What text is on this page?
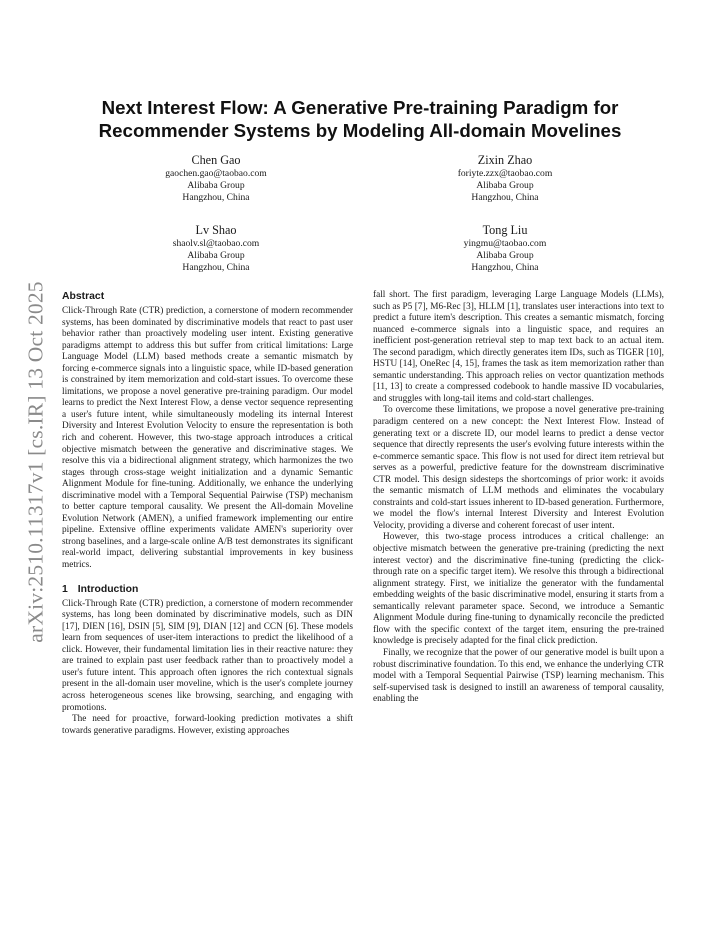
arXiv:2510.11317v1 [cs.IR] 13 Oct 2025
Next Interest Flow: A Generative Pre-training Paradigm for
Recommender Systems by Modeling All-domain Movelines
Chen Gao
gaochen.gao@taobao.com
Alibaba Group
Hangzhou, China
Zixin Zhao
foriyte.zzx@taobao.com
Alibaba Group
Hangzhou, China
Lv Shao
shaolv.sl@taobao.com
Alibaba Group
Hangzhou, China
Tong Liu
yingmu@taobao.com
Alibaba Group
Hangzhou, China
Abstract

Click-Through Rate (CTR) prediction, a cornerstone of modern recommender systems, has been dominated by discriminative models that react to past user behavior rather than proactively modeling user intent. Existing generative paradigms attempt to address this but suffer from critical limitations: Large Language Model (LLM) based methods create a semantic mismatch by forcing e-commerce signals into a linguistic space, while ID-based generation is constrained by item memorization and cold-start issues. To overcome these limitations, we propose a novel generative pre-training paradigm. Our model learns to predict the Next Interest Flow, a dense vector sequence representing a user's future intent, while simultaneously modeling its internal Interest Diversity and Interest Evolution Velocity to ensure the representation is both rich and coherent. However, this two-stage approach introduces a critical objective mismatch between the generative and discriminative stages. We resolve this via a bidirectional alignment strategy, which harmonizes the two stages through cross-stage weight initialization and a dynamic Semantic Alignment Module for fine-tuning. Additionally, we enhance the underlying discriminative model with a Temporal Sequential Pairwise (TSP) mechanism to better capture temporal causality. We present the All-domain Moveline Evolution Network (AMEN), a unified framework implementing our entire pipeline. Extensive offline experiments validate AMEN's superiority over strong baselines, and a large-scale online A/B test demonstrates its significant real-world impact, delivering substantial improvements in key business metrics.

1 Introduction

Click-Through Rate (CTR) prediction, a cornerstone of modern recommender systems, has long been dominated by discriminative models, such as DIN [17], DIEN [16], DSIN [5], SIM [9], DIAN [12] and CCN [6]. These models learn from sequences of user-item interactions to predict the likelihood of a click. However, their fundamental limitation lies in their reactive nature: they are trained to explain past user feedback rather than to proactively model a user's future intent. This approach often ignores the rich contextual signals present in the all-domain user moveline, which is the user's complete journey across heterogeneous scenes like browsing, searching, and engaging with promotions.

The need for proactive, forward-looking prediction motivates a shift towards generative paradigms. However, existing approaches

fall short. The first paradigm, leveraging Large Language Models (LLMs), such as P5 [7], M6-Rec [3], HLLM [1], translates user interactions into text to predict a future item's description. This creates a semantic mismatch, forcing nuanced e-commerce signals into a linguistic space, and requires an inefficient post-generation retrieval step to map text back to an actual item. The second paradigm, which directly generates item IDs, such as TIGER [10], HSTU [14], OneRec [4, 15], frames the task as item memorization rather than semantic understanding. This approach relies on vector quantization methods [11, 13] to create a compressed codebook to handle massive ID vocabularies, and struggles with long-tail items and cold-start challenges.

To overcome these limitations, we propose a novel generative pre-training paradigm centered on a new concept: the Next Interest Flow. Instead of generating text or a discrete ID, our model learns to predict a dense vector sequence that directly represents the user's evolving future interests within the e-commerce semantic space. This flow is not used for direct item retrieval but serves as a powerful, predictive feature for the downstream discriminative CTR model. This design sidesteps the shortcomings of prior work: it avoids the semantic mismatch of LLM methods and eliminates the vocabulary constraints and cold-start issues inherent to ID-based generation. Furthermore, we model the flow's internal Interest Diversity and Interest Evolution Velocity, providing a diverse and coherent forecast of user intent.

However, this two-stage process introduces a critical challenge: an objective mismatch between the generative pre-training (predicting the next interest vector) and the discriminative fine-tuning (predicting the click-through rate on a specific target item). We resolve this through a bidirectional alignment strategy. First, we initialize the generator with the fundamental embedding weights of the basic discriminative model, ensuring it starts from a semantically relevant parameter space. Second, we introduce a Semantic Alignment Module during fine-tuning to dynamically reconcile the predicted flow with the specific context of the target item, ensuring the pre-trained knowledge is precisely adapted for the final click prediction.

Finally, we recognize that the power of our generative model is built upon a robust discriminative foundation. To this end, we enhance the underlying CTR model with a Temporal Sequential Pairwise (TSP) learning mechanism. This self-supervised task is designed to instill an awareness of temporal causality, enabling the
